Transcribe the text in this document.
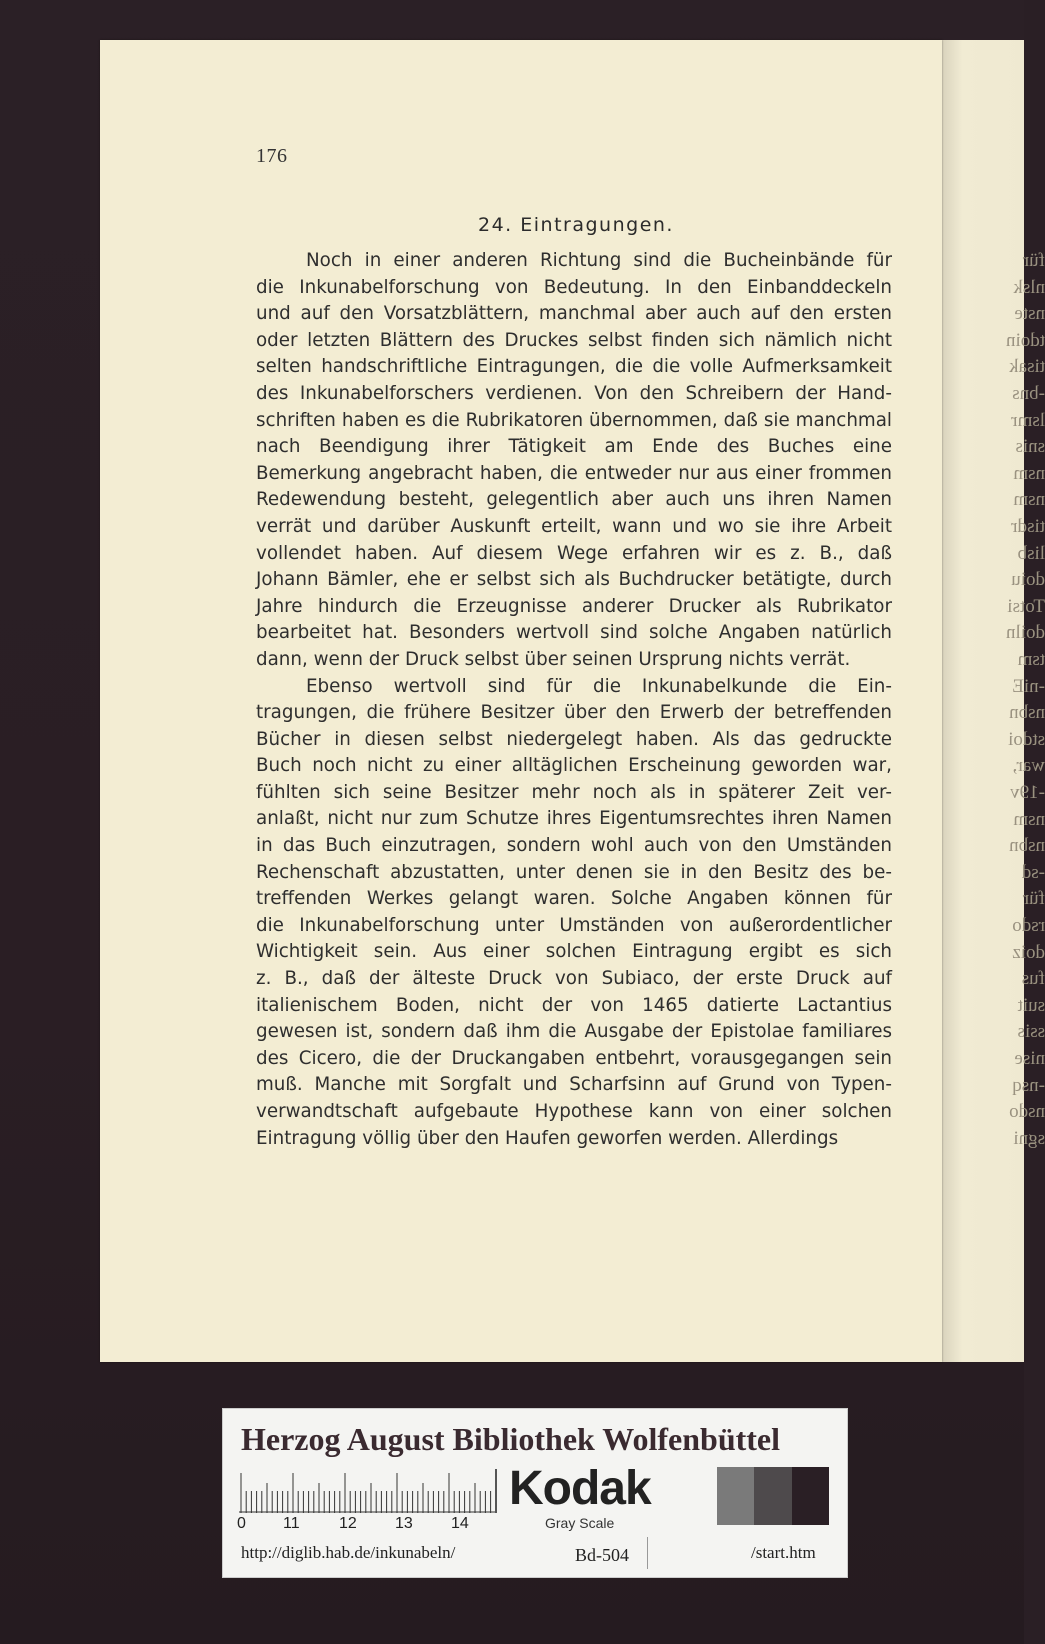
für
nlsk
nste
tdoin
tisak
-bns
lsmr
snis
nsm
nsm
tisdr
lisb
doiu
Totsi
doiln
tsm
-niE
nsbn
stdoi
war,
-19v
nsm
nsbn
-sd
für
rsdo
doiz
fus
suit
ssis
nise
-nsq
nsdo
sgni
176
24. Eintragungen.
Noch in einer anderen Richtung sind die Bucheinbände für
die Inkunabelforschung von Bedeutung. In den Einbanddeckeln
und auf den Vorsatzblättern, manchmal aber auch auf den ersten
oder letzten Blättern des Druckes selbst finden sich nämlich nicht
selten handschriftliche Eintragungen, die die volle Aufmerksamkeit
des Inkunabelforschers verdienen. Von den Schreibern der Hand-
schriften haben es die Rubrikatoren übernommen, daß sie manchmal
nach Beendigung ihrer Tätigkeit am Ende des Buches eine
Bemerkung angebracht haben, die entweder nur aus einer frommen
Redewendung besteht, gelegentlich aber auch uns ihren Namen
verrät und darüber Auskunft erteilt, wann und wo sie ihre Arbeit
vollendet haben. Auf diesem Wege erfahren wir es z. B., daß
Johann Bämler, ehe er selbst sich als Buchdrucker betätigte, durch
Jahre hindurch die Erzeugnisse anderer Drucker als Rubrikator
bearbeitet hat. Besonders wertvoll sind solche Angaben natürlich
dann, wenn der Druck selbst über seinen Ursprung nichts verrät.
Ebenso wertvoll sind für die Inkunabelkunde die Ein-
tragungen, die frühere Besitzer über den Erwerb der betreffenden
Bücher in diesen selbst niedergelegt haben. Als das gedruckte
Buch noch nicht zu einer alltäglichen Erscheinung geworden war,
fühlten sich seine Besitzer mehr noch als in späterer Zeit ver-
anlaßt, nicht nur zum Schutze ihres Eigentumsrechtes ihren Namen
in das Buch einzutragen, sondern wohl auch von den Umständen
Rechenschaft abzustatten, unter denen sie in den Besitz des be-
treffenden Werkes gelangt waren. Solche Angaben können für
die Inkunabelforschung unter Umständen von außerordentlicher
Wichtigkeit sein. Aus einer solchen Eintragung ergibt es sich
z. B., daß der älteste Druck von Subiaco, der erste Druck auf
italienischem Boden, nicht der von 1465 datierte Lactantius
gewesen ist, sondern daß ihm die Ausgabe der Epistolae familiares
des Cicero, die der Druckangaben entbehrt, vorausgegangen sein
muß. Manche mit Sorgfalt und Scharfsinn auf Grund von Typen-
verwandtschaft aufgebaute Hypothese kann von einer solchen
Eintragung völlig über den Haufen geworfen werden. Allerdings
Herzog August Bibliothek Wolfenbüttel
0 11 12 13 14
Kodak
Gray Scale
http://diglib.hab.de/inkunabeln/	Bd-504	/start.htm
